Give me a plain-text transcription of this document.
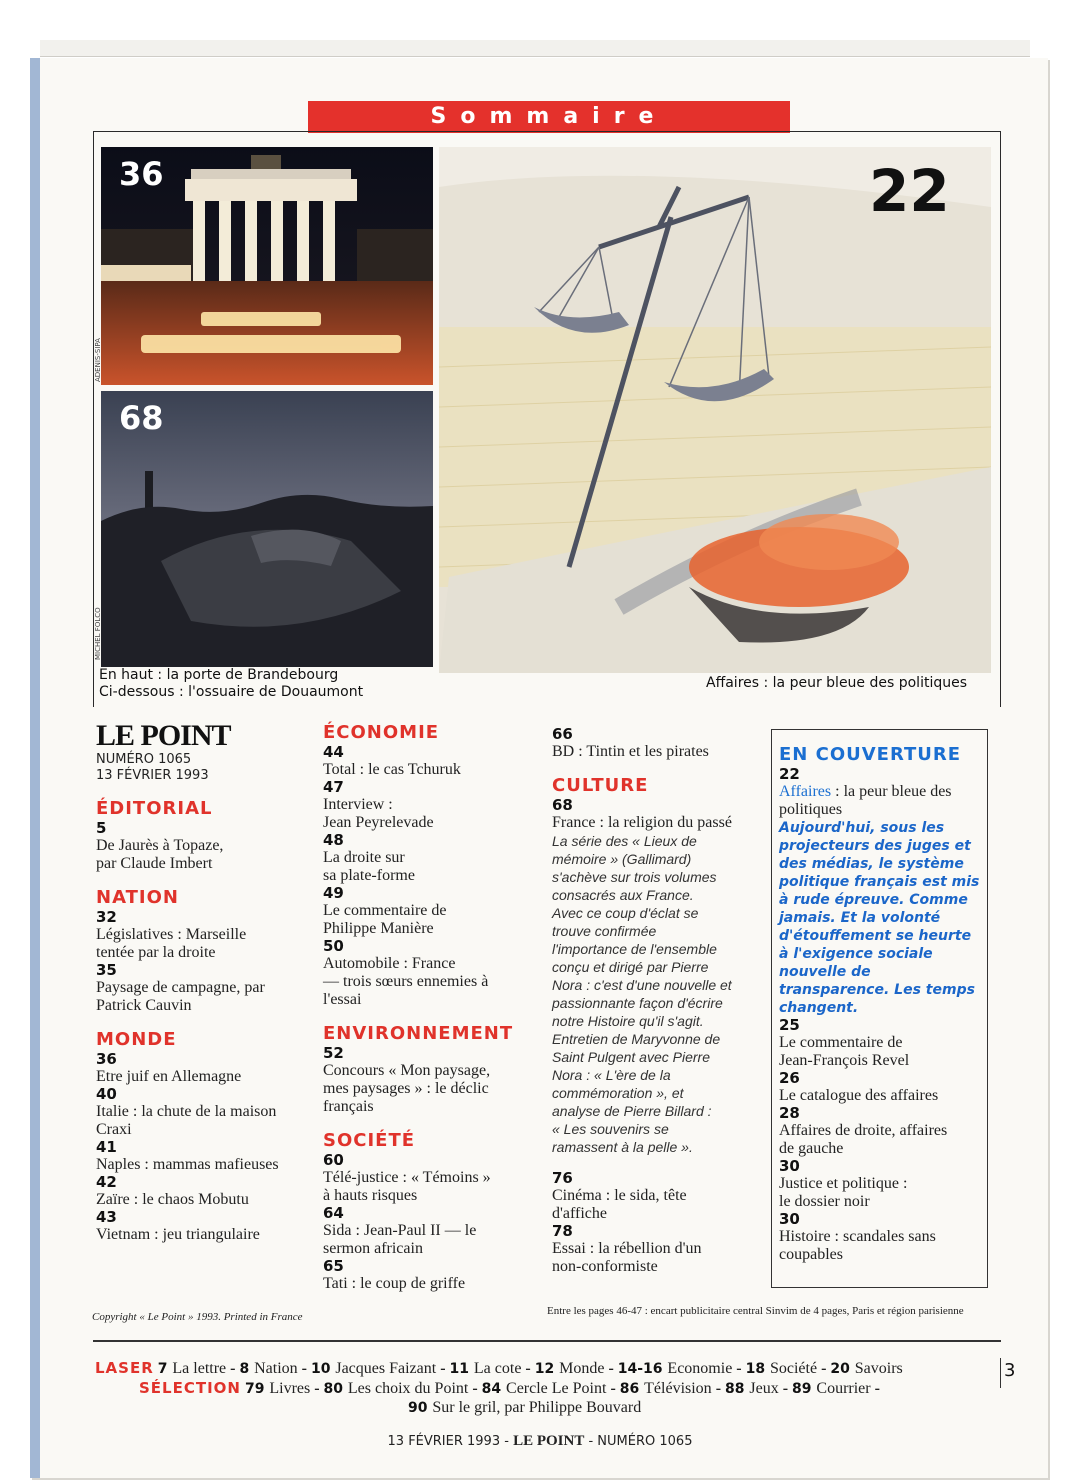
Sommaire
36
ADENIS-SIPA
68
MICHEL FOLCO
22
En haut : la porte de Brandebourg
Ci-dessous : l'ossuaire de Douaumont
Affaires : la peur bleue des politiques
LE POINT
NUMÉRO 1065
13 FÉVRIER 1993
ÉDITORIAL
5
De Jaurès à Topaze,
par Claude Imbert
NATION
32
Législatives : Marseille
tentée par la droite
35
Paysage de campagne, par
Patrick Cauvin
MONDE
36
Etre juif en Allemagne
40
Italie : la chute de la maison
Craxi
41
Naples : mammas mafieuses
42
Zaïre : le chaos Mobutu
43
Vietnam : jeu triangulaire
Copyright « Le Point » 1993. Printed in France
ÉCONOMIE
44
Total : le cas Tchuruk
47
Interview :
Jean Peyrelevade
48
La droite sur
sa plate-forme
49
Le commentaire de
Philippe Manière
50
Automobile : France
— trois sœurs ennemies à
l'essai
ENVIRONNEMENT
52
Concours « Mon paysage,
mes paysages » : le déclic
français
SOCIÉTÉ
60
Télé-justice : « Témoins »
à hauts risques
64
Sida : Jean-Paul II — le
sermon africain
65
Tati : le coup de griffe
66
BD : Tintin et les pirates
CULTURE
68
France : la religion du passé
La série des « Lieux de
mémoire » (Gallimard)
s'achève sur trois volumes
consacrés aux France.
Avec ce coup d'éclat se
trouve confirmée
l'importance de l'ensemble
conçu et dirigé par Pierre
Nora : c'est d'une nouvelle et
passionnante façon d'écrire
notre Histoire qu'il s'agit.
Entretien de Maryvonne de
Saint Pulgent avec Pierre
Nora : « L'ère de la
commémoration », et
analyse de Pierre Billard :
« Les souvenirs se
ramassent à la pelle ».
76
Cinéma : le sida, tête
d'affiche
78
Essai : la rébellion d'un
non-conformiste
Entre les pages 46-47 : encart publicitaire central Sinvim de 4 pages, Paris et région parisienne
EN COUVERTURE
22
Affaires : la peur bleue des
politiques
Aujourd'hui, sous les
projecteurs des juges et
des médias, le système
politique français est mis
à rude épreuve. Comme
jamais. Et la volonté
d'étouffement se heurte
à l'exigence sociale
nouvelle de
transparence. Les temps
changent.
25
Le commentaire de
Jean-François Revel
26
Le catalogue des affaires
28
Affaires de droite, affaires
de gauche
30
Justice et politique :
le dossier noir
30
Histoire : scandales sans
coupables
LASER 7 La lettre - 8 Nation - 10 Jacques Faizant - 11 La cote - 12 Monde - 14-16 Economie - 18 Société - 20 Savoirs
SÉLECTION 79 Livres - 80 Les choix du Point - 84 Cercle Le Point - 86 Télévision - 88 Jeux - 89 Courrier -
90 Sur le gril, par Philippe Bouvard
3
13 FÉVRIER 1993 - LE POINT - NUMÉRO 1065
